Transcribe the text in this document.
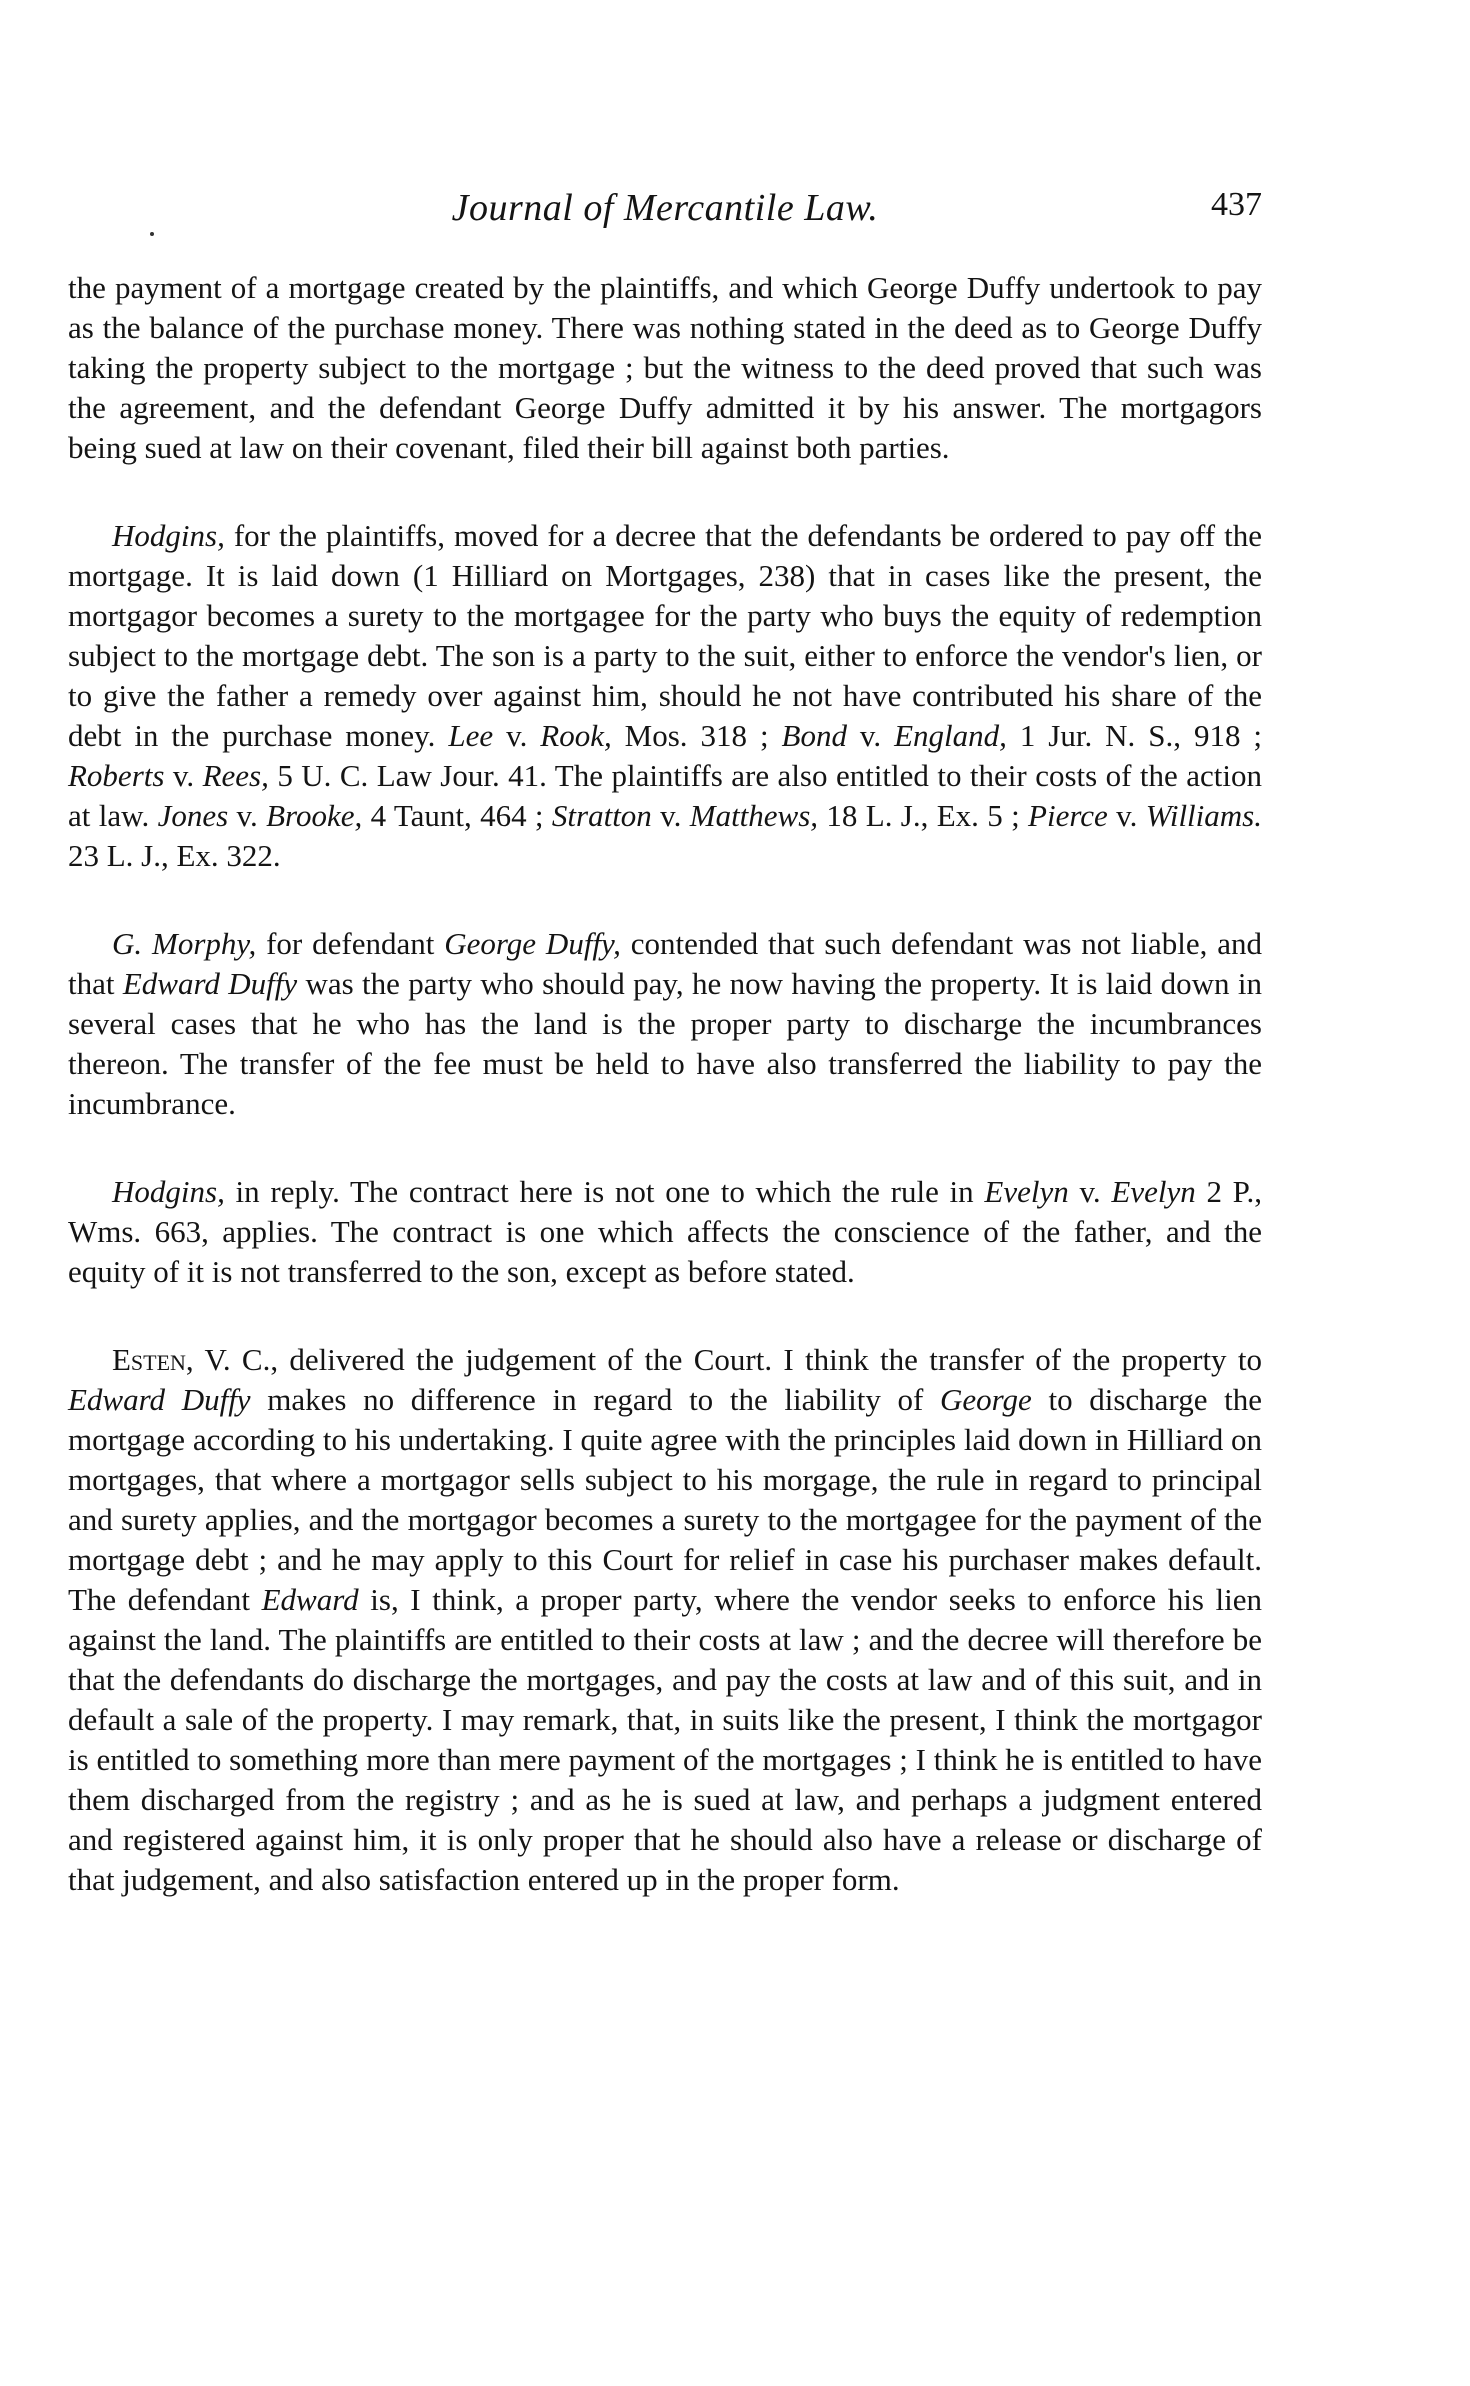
Journal of Mercantile Law.	437

the payment of a mortgage created by the plaintiffs, and which George Duffy undertook to pay as the balance of the purchase money. There was nothing stated in the deed as to George Duffy taking the property subject to the mortgage ; but the witness to the deed proved that such was the agreement, and the defendant George Duffy admitted it by his answer. The mortgagors being sued at law on their covenant, filed their bill against both parties.

Hodgins, for the plaintiffs, moved for a decree that the defendants be ordered to pay off the mortgage. It is laid down (1 Hilliard on Mortgages, 238) that in cases like the present, the mortgagor becomes a surety to the mortgagee for the party who buys the equity of redemption subject to the mortgage debt. The son is a party to the suit, either to enforce the vendor's lien, or to give the father a remedy over against him, should he not have contributed his share of the debt in the purchase money. Lee v. Rook, Mos. 318 ; Bond v. England, 1 Jur. N. S., 918 ; Roberts v. Rees, 5 U. C. Law Jour. 41. The plaintiffs are also entitled to their costs of the action at law. Jones v. Brooke, 4 Taunt, 464 ; Stratton v. Matthews, 18 L. J., Ex. 5 ; Pierce v. Williams. 23 L. J., Ex. 322.

G. Morphy, for defendant George Duffy, contended that such defendant was not liable, and that Edward Duffy was the party who should pay, he now having the property. It is laid down in several cases that he who has the land is the proper party to discharge the incumbrances thereon. The transfer of the fee must be held to have also transferred the liability to pay the incumbrance.

Hodgins, in reply. The contract here is not one to which the rule in Evelyn v. Evelyn 2 P., Wms. 663, applies. The contract is one which affects the conscience of the father, and the equity of it is not transferred to the son, except as before stated.

Esten, V. C., delivered the judgement of the Court. I think the transfer of the property to Edward Duffy makes no difference in regard to the liability of George to discharge the mortgage according to his undertaking. I quite agree with the principles laid down in Hilliard on mortgages, that where a mortgagor sells subject to his morgage, the rule in regard to principal and surety applies, and the mortgagor becomes a surety to the mortgagee for the payment of the mortgage debt ; and he may apply to this Court for relief in case his purchaser makes default. The defendant Edward is, I think, a proper party, where the vendor seeks to enforce his lien against the land. The plaintiffs are entitled to their costs at law ; and the decree will therefore be that the defendants do discharge the mortgages, and pay the costs at law and of this suit, and in default a sale of the property. I may remark, that, in suits like the present, I think the mortgagor is entitled to something more than mere payment of the mortgages ; I think he is entitled to have them discharged from the registry ; and as he is sued at law, and perhaps a judgment entered and registered against him, it is only proper that he should also have a release or discharge of that judgement, and also satisfaction entered up in the proper form.
